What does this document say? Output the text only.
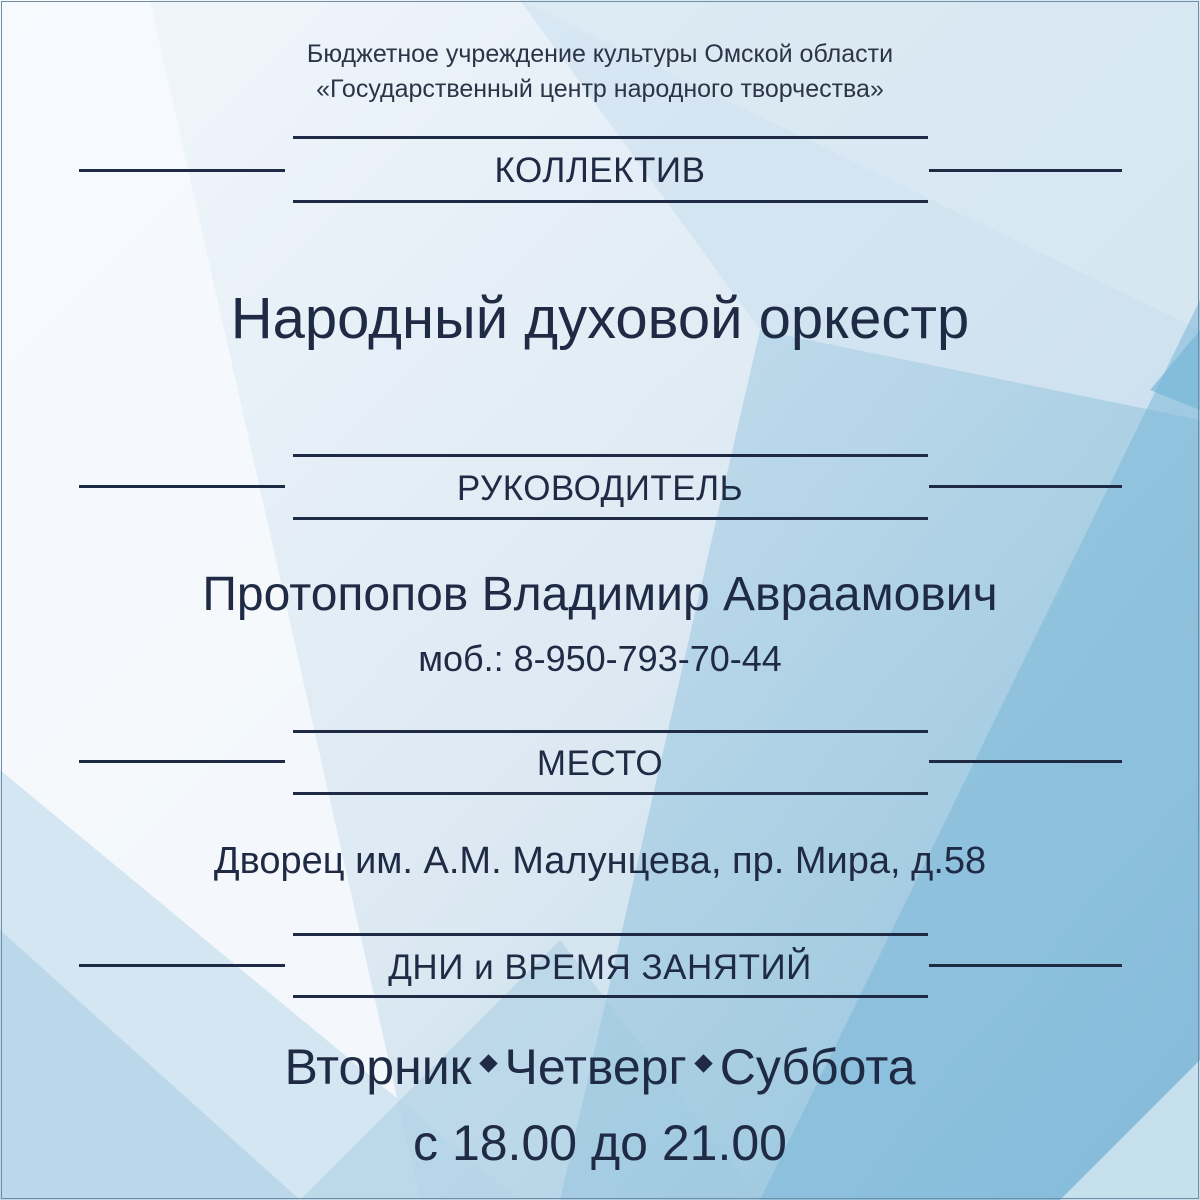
Бюджетное учреждение культуры Омской области
«Государственный центр народного творчества»
КОЛЛЕКТИВ
Народный духовой оркестр
РУКОВОДИТЕЛЬ
Протопопов Владимир Авраамович
моб.: 8-950-793-70-44
МЕСТО
Дворец им. А.М. Малунцева, пр. Мира, д.58
ДНИ и ВРЕМЯ ЗАНЯТИЙ
Вторник Четверг Суббота
с 18.00 до 21.00
